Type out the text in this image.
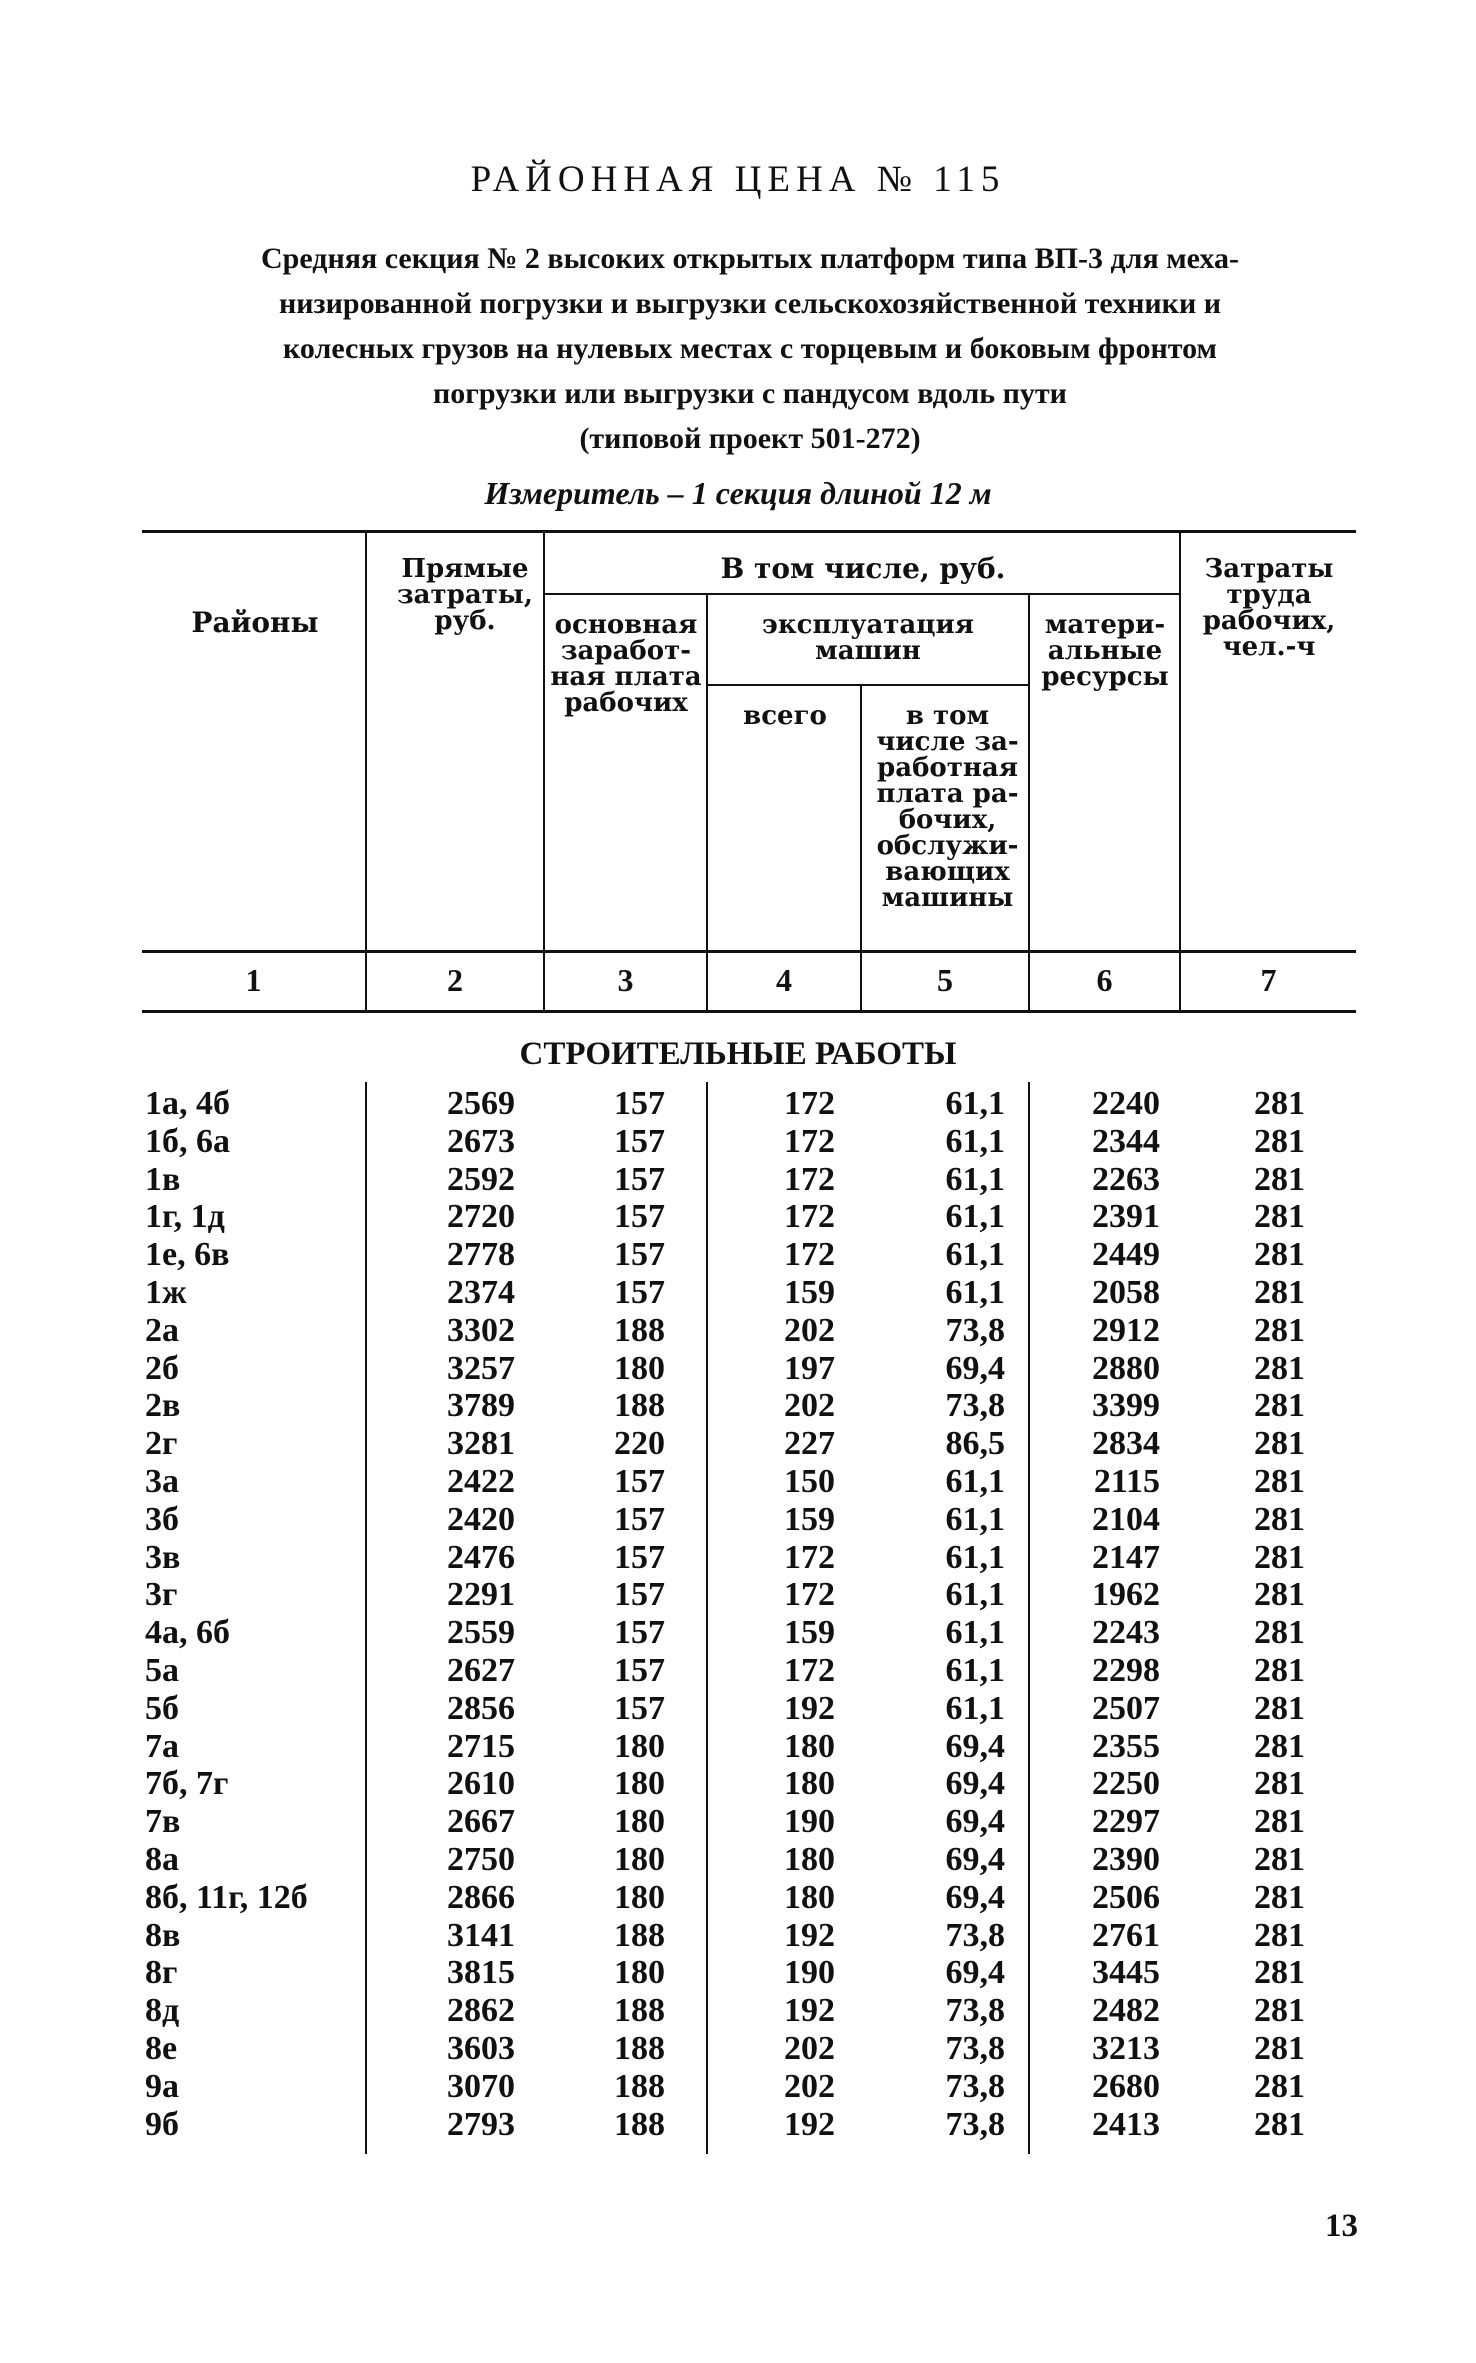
РАЙОННАЯ ЦЕНА № 115
Средняя секция № 2 высоких открытых платформ типа ВП-3 для меха-
низированной погрузки и выгрузки сельскохозяйственной техники и
колесных грузов на нулевых местах с торцевым и боковым фронтом
погрузки или выгрузки с пандусом вдоль пути
(типовой проект 501-272)
Измеритель – 1 секция длиной 12 м
Районы
Прямые затраты, руб.
В том числе, руб.
основная заработ- ная плата рабочих
эксплуатация машин
всего	в том числе за- работная плата ра- бочих, обслужи- вающих машины
матери- альные ресурсы
Затраты труда рабочих, чел.-ч
1	2	3	4	5	6	7
СТРОИТЕЛЬНЫЕ РАБОТЫ
1а, 4б	2569	157	172	61,1	2240	281
1б, 6а	2673	157	172	61,1	2344	281
1в	2592	157	172	61,1	2263	281
1г, 1д	2720	157	172	61,1	2391	281
1е, 6в	2778	157	172	61,1	2449	281
1ж	2374	157	159	61,1	2058	281
2а	3302	188	202	73,8	2912	281
2б	3257	180	197	69,4	2880	281
2в	3789	188	202	73,8	3399	281
2г	3281	220	227	86,5	2834	281
3а	2422	157	150	61,1	2115	281
3б	2420	157	159	61,1	2104	281
3в	2476	157	172	61,1	2147	281
3г	2291	157	172	61,1	1962	281
4а, 6б	2559	157	159	61,1	2243	281
5а	2627	157	172	61,1	2298	281
5б	2856	157	192	61,1	2507	281
7а	2715	180	180	69,4	2355	281
7б, 7г	2610	180	180	69,4	2250	281
7в	2667	180	190	69,4	2297	281
8а	2750	180	180	69,4	2390	281
8б, 11г, 12б	2866	180	180	69,4	2506	281
8в	3141	188	192	73,8	2761	281
8г	3815	180	190	69,4	3445	281
8д	2862	188	192	73,8	2482	281
8е	3603	188	202	73,8	3213	281
9а	3070	188	202	73,8	2680	281
9б	2793	188	192	73,8	2413	281
13
